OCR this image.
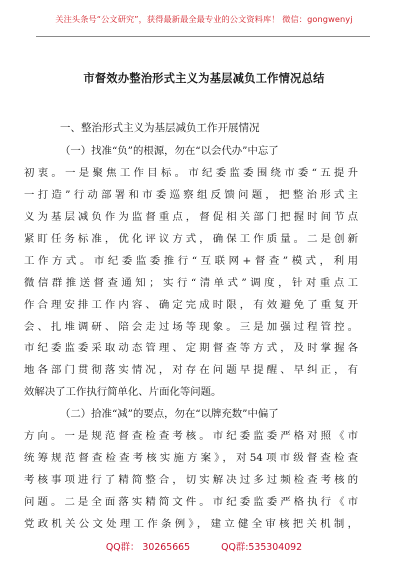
关注头条号“公文研究”，获得最新最全最专业的公文资料库！ 微信：gongwenyj
市督效办整治形式主义为基层减负工作情况总结
一、整治形式主义为基层减负工作开展情况
（一）找准“负”的根源，勿在“以会代办”中忘了
初衷。一是聚焦工作目标。市纪委监委围绕市委“五提升
一打造”行动部署和市委巡察组反馈问题，把整治形式主
义为基层减负作为监督重点，督促相关部门把握时间节点
紧盯任务标准，优化评议方式，确保工作质量。二是创新
工作方式。市纪委监委推行“互联网+督查”模式，利用
微信群推送督查通知；实行“清单式”调度，针对重点工
作合理安排工作内容、确定完成时限，有效避免了重复开
会、扎堆调研、陪会走过场等现象。三是加强过程管控。
市纪委监委采取动态管理、定期督查等方式，及时掌握各
地各部门贯彻落实情况，对存在问题早提醒、早纠正，有
效解决了工作执行简单化、片面化等问题。
（二）拾准“减”的要点，勿在“以牌充数”中偏了
方向。一是规范督查检查考核。市纪委监委严格对照《市
统筹规范督查检查考核实施方案》，对54项市级督查检查
考核事项进行了精简整合，切实解决过多过频检查考核的
问题。二是全面落实精简文件。市纪委监委严格执行《市
党政机关公文处理工作条例》，建立健全审核把关机制，
QQ群： 30265665	QQ群:535304092
